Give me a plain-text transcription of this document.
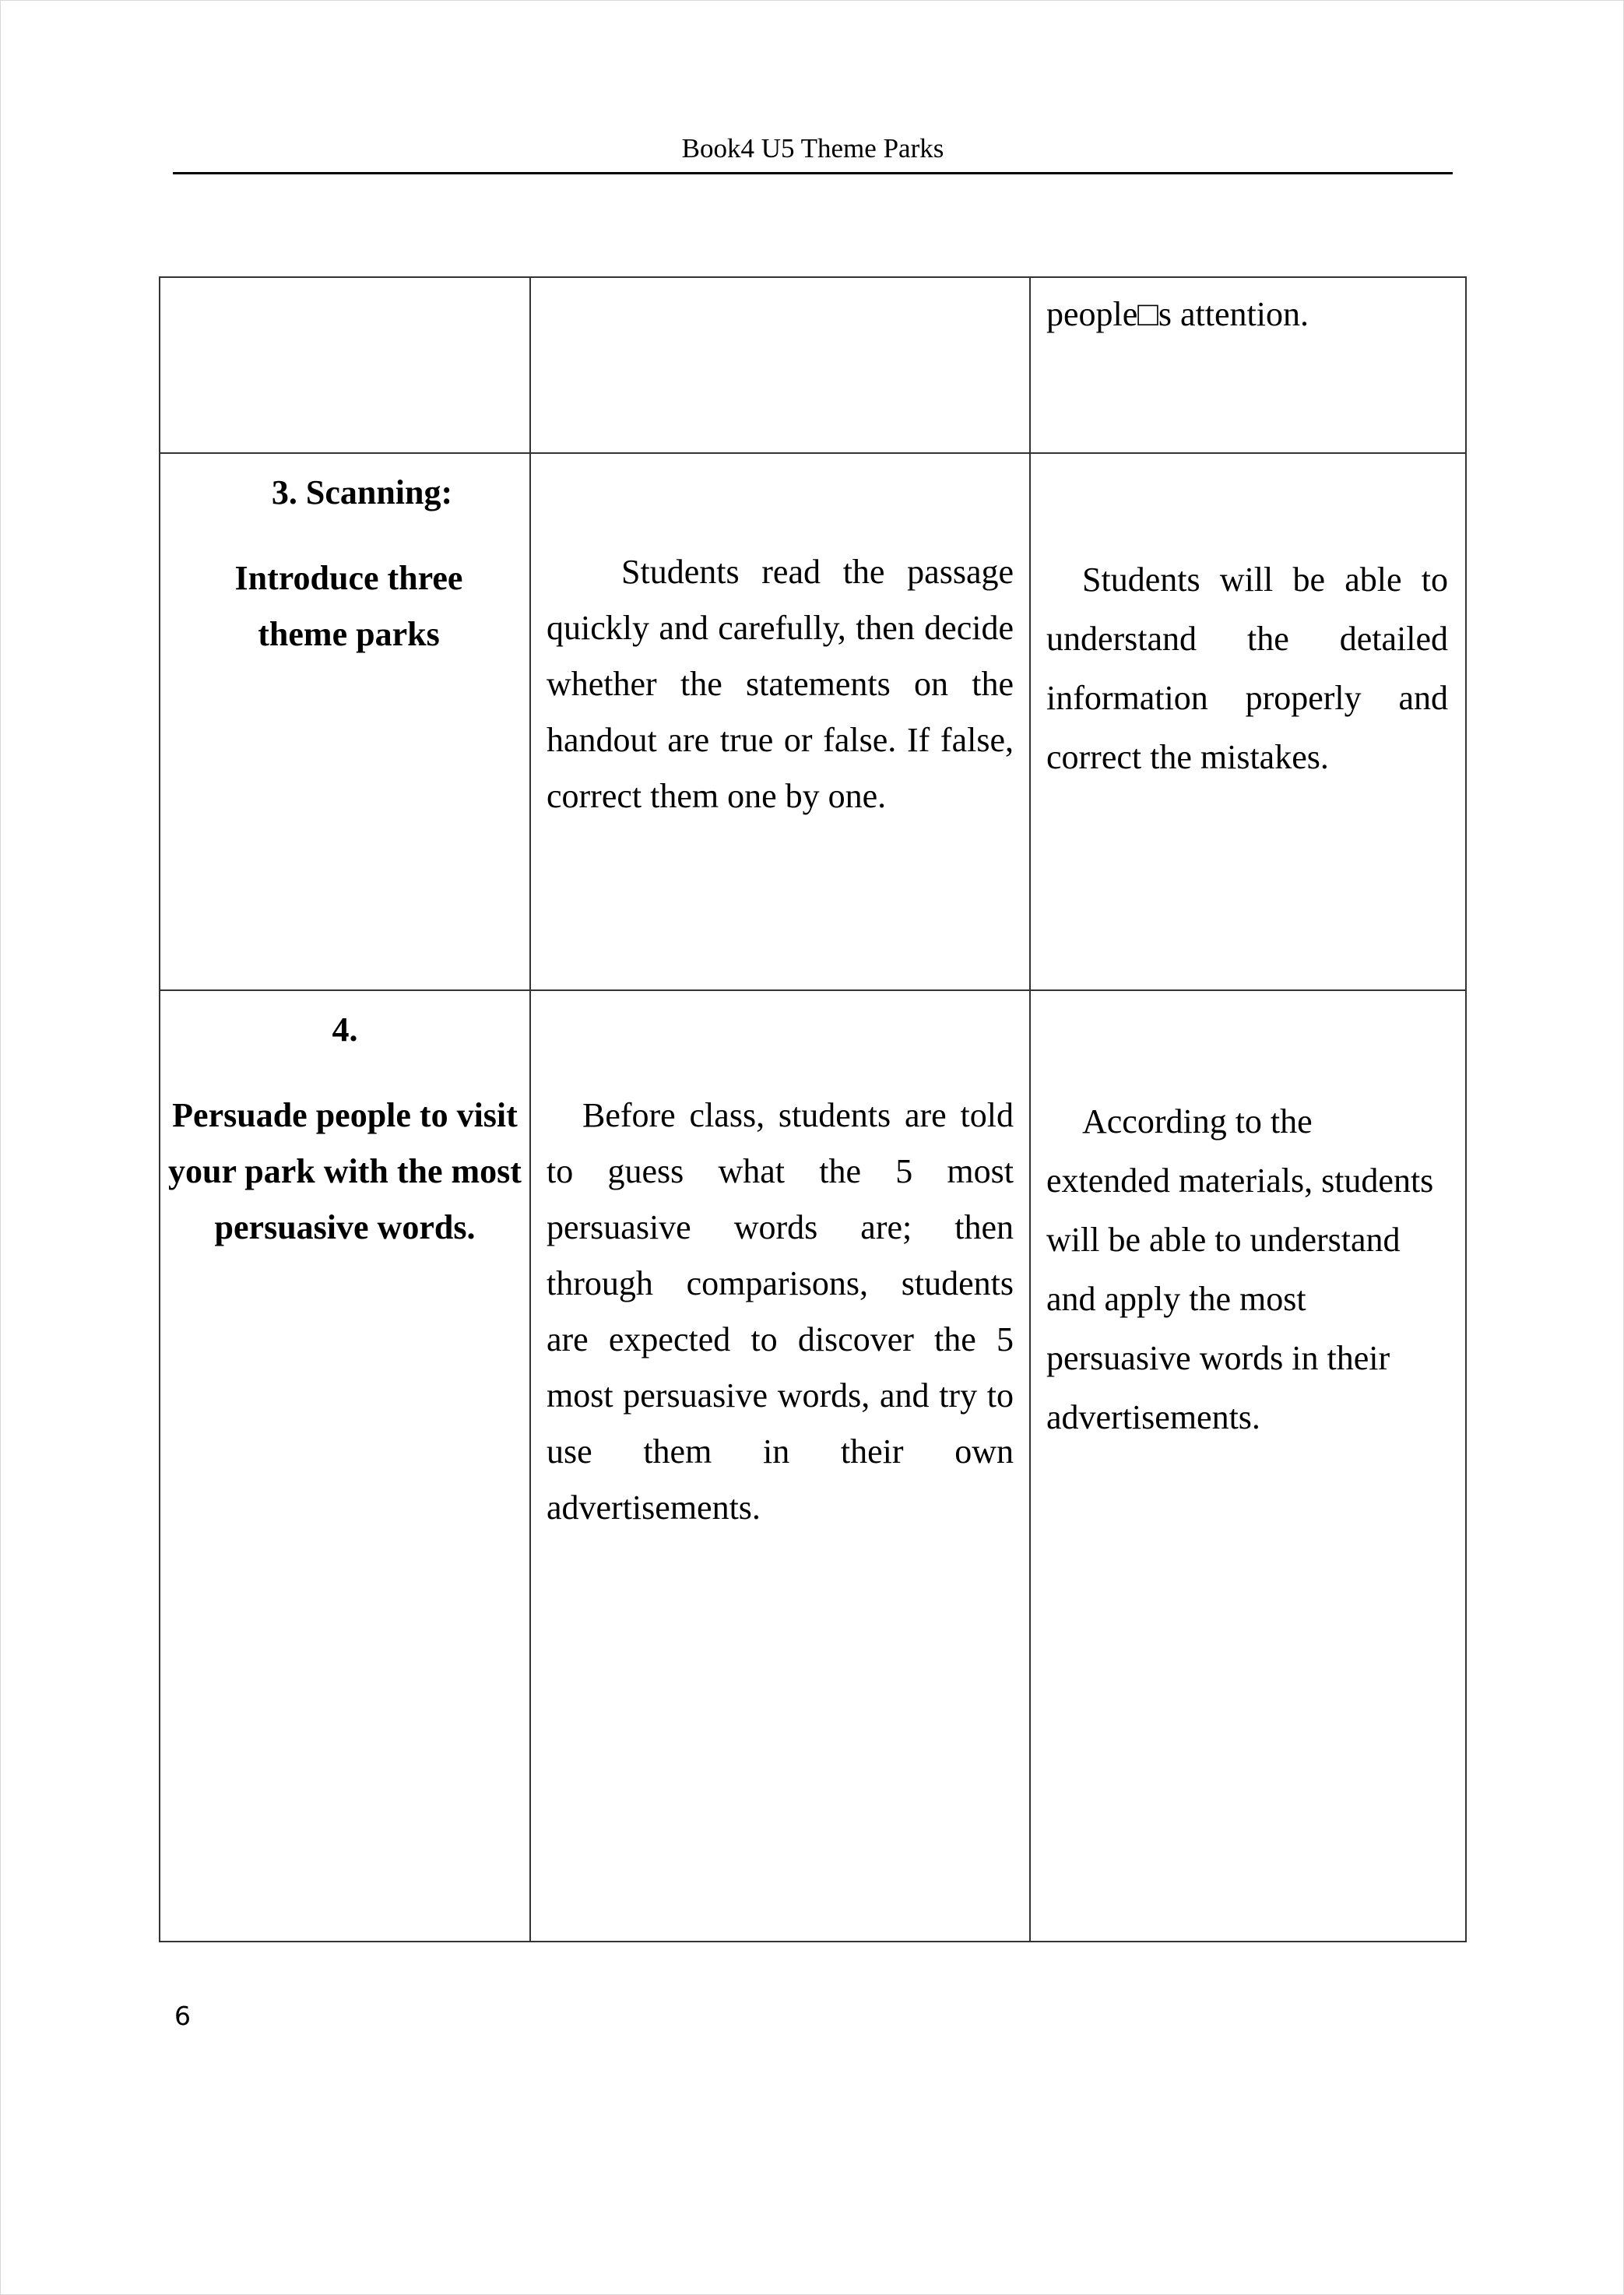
Book4 U5 Theme Parks

		people□s attention.

3. Scanning:

Introduce three theme parks	Students read the passage quickly and carefully, then decide whether the statements on the handout are true or false. If false, correct them one by one.	Students will be able to understand the detailed information properly and correct the mistakes.

4.

Persuade people to visit your park with the most persuasive words.	Before class, students are told to guess what the 5 most persuasive words are; then through comparisons, students are expected to discover the 5 most persuasive words, and try to use them in their own advertisements.	According to the extended materials, students will be able to understand and apply the most persuasive words in their advertisements.
6
